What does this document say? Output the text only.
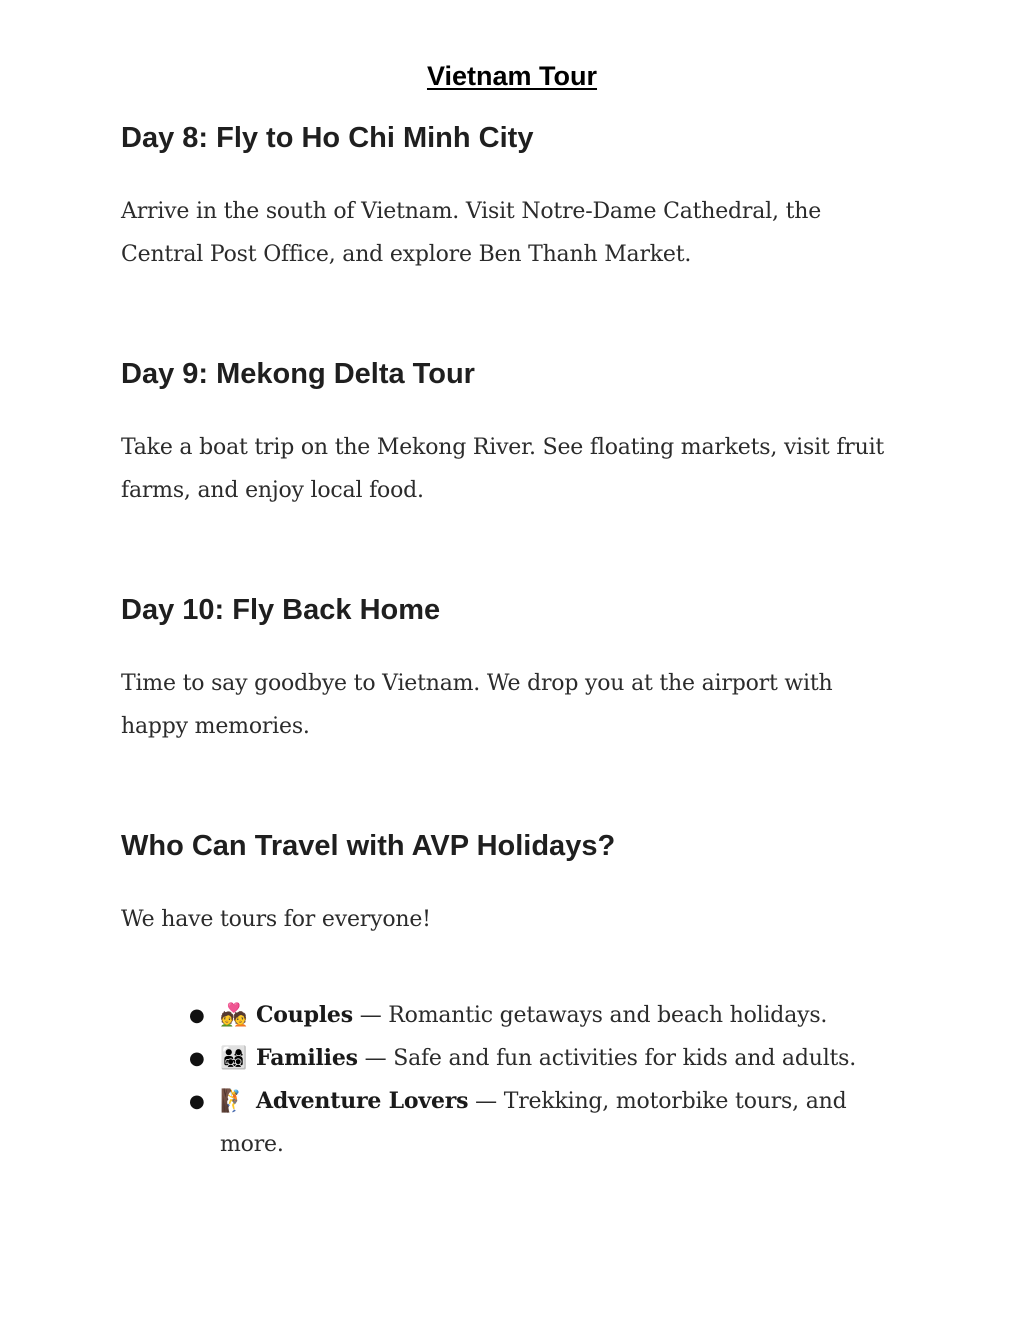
Vietnam Tour
Day 8: Fly to Ho Chi Minh City

Arrive in the south of Vietnam. Visit Notre-Dame Cathedral, the Central Post Office, and explore Ben Thanh Market.

Day 9: Mekong Delta Tour

Take a boat trip on the Mekong River. See floating markets, visit fruit farms, and enjoy local food.

Day 10: Fly Back Home

Time to say goodbye to Vietnam. We drop you at the airport with happy memories.

Who Can Travel with AVP Holidays?

We have tours for everyone!

● 💑 Couples — Romantic getaways and beach holidays.
● 👨‍👩‍👧‍👦 Families — Safe and fun activities for kids and adults.
● 🧗 Adventure Lovers — Trekking, motorbike tours, and more.
